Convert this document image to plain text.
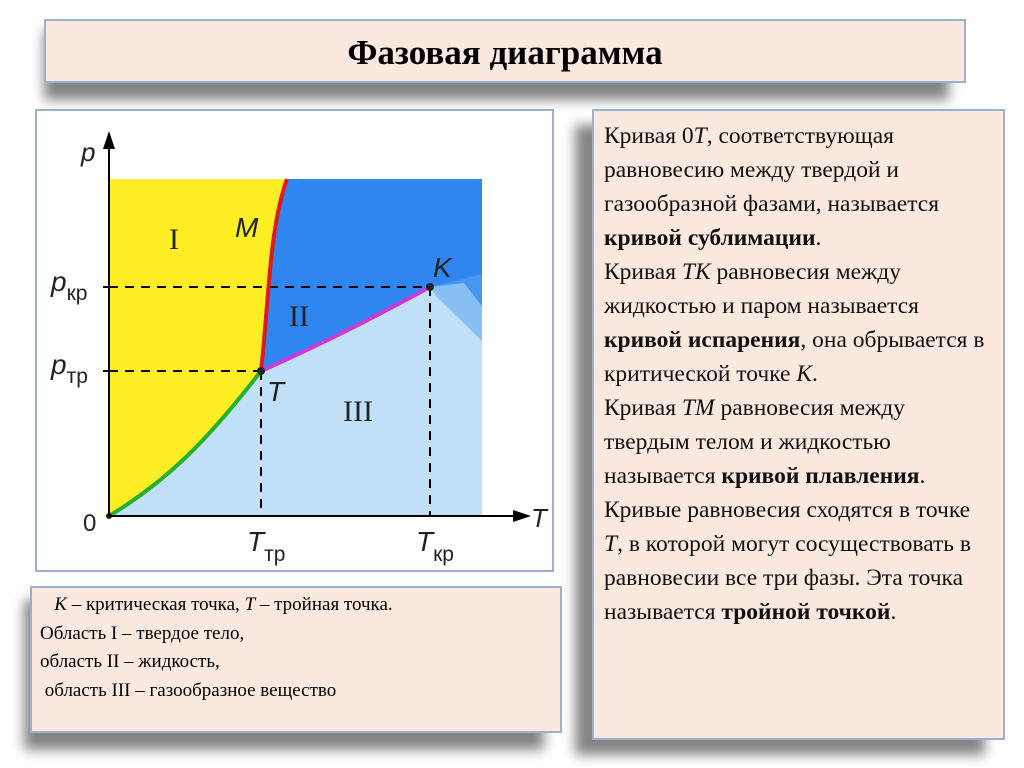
Фазовая диаграмма
p
T
0
pкр
pтр
Tтр	Tкр
M
K
T
I
II
III
K – критическая точка, T – тройная точка.
Область I – твердое тело,
область II – жидкость,
область III – газообразное вещество

Кривая 0T, соответствующая равновесию между твердой и газообразной фазами, называется кривой сублимации.

Кривая ТК равновесия между жидкостью и паром называется кривой испарения, она обрывается в критической точке K.

Кривая ТМ равновесия между твердым телом и жидкостью называется кривой плавления.

Кривые равновесия сходятся в точке T, в которой могут сосуществовать в равновесии все три фазы. Эта точка называется тройной точкой.
